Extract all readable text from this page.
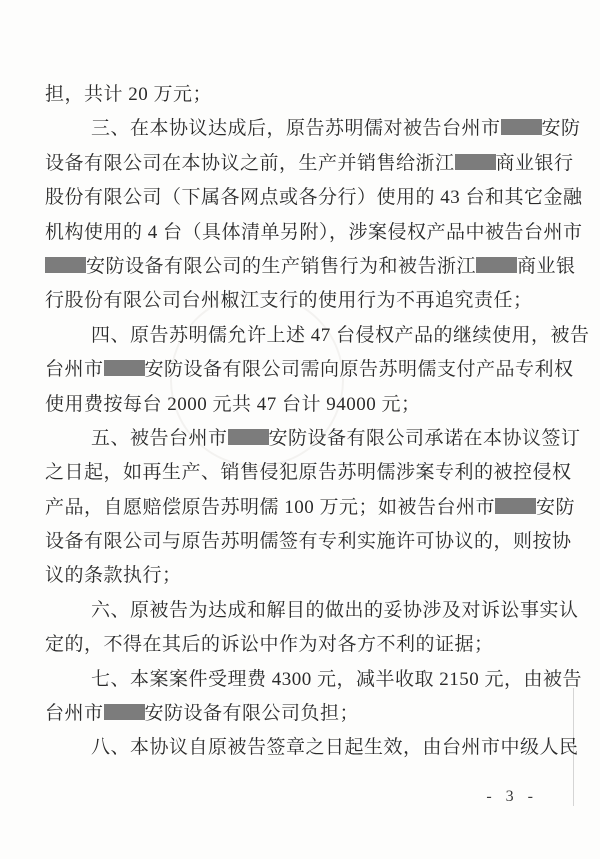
担，共计 20 万元；
三、在本协议达成后，原告苏明儒对被告台州市 安防
设备有限公司在本协议之前，生产并销售给浙江 商业银行
股份有限公司（下属各网点或各分行）使用的 43 台和其它金融
机构使用的 4 台（具体清单另附），涉案侵权产品中被告台州市
安防设备有限公司的生产销售行为和被告浙江 商业银
行股份有限公司台州椒江支行的使用行为不再追究责任；
四、原告苏明儒允许上述 47 台侵权产品的继续使用，被告
台州市 安防设备有限公司需向原告苏明儒支付产品专利权
使用费按每台 2000 元共 47 台计 94000 元；
五、被告台州市 安防设备有限公司承诺在本协议签订
之日起，如再生产、销售侵犯原告苏明儒涉案专利的被控侵权
产品，自愿赔偿原告苏明儒 100 万元；如被告台州市 安防
设备有限公司与原告苏明儒签有专利实施许可协议的，则按协
议的条款执行；
六、原被告为达成和解目的做出的妥协涉及对诉讼事实认
定的，不得在其后的诉讼中作为对各方不利的证据；
七、本案案件受理费 4300 元，减半收取 2150 元，由被告
台州市 安防设备有限公司负担；
八、本协议自原被告签章之日起生效，由台州市中级人民
- 3 -
